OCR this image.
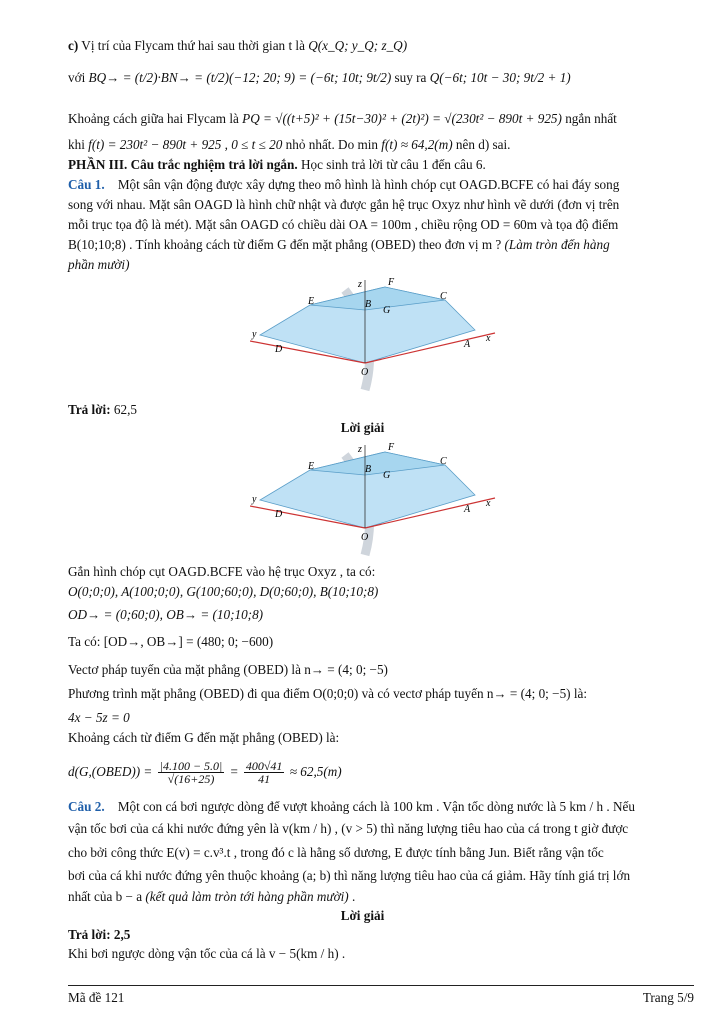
c) Vị trí của Flycam thứ hai sau thời gian t là Q(x_Q; y_Q; z_Q)
với BQ→ = (t/2)·BN→ = (t/2)(−12; 20; 9) = (−6t; 10t; 9t/2) suy ra Q(−6t; 10t − 30; 9t/2 + 1)
Khoảng cách giữa hai Flycam là PQ = √((t+5)² + (15t−30)² + (2t)²) = √(230t² − 890t + 925) ngắn nhất
khi f(t) = 230t² − 890t + 925 , 0 ≤ t ≤ 20 nhỏ nhất. Do min f(t) ≈ 64,2(m) nên d) sai.
PHẦN III. Câu trắc nghiệm trả lời ngắn. Học sinh trả lời từ câu 1 đến câu 6.
Câu 1. Một sân vận động được xây dựng theo mô hình là hình chóp cụt OAGD.BCFE có hai đáy song
song với nhau. Mặt sân OAGD là hình chữ nhật và được gắn hệ trục Oxyz như hình vẽ dưới (đơn vị trên
mỗi trục tọa độ là mét). Mặt sân OAGD có chiều dài OA = 100m , chiều rộng OD = 60m và tọa độ điểm
B(10;10;8) . Tính khoảng cách từ điểm G đến mặt phẳng (OBED) theo đơn vị m ? (Làm tròn đến hàng
phần mười)
E
F
B
G
C
D	A
O
x
y
z
Trả lời: 62,5
Lời giải
E
F
B
G
C
D	A
O
x
y
z
Gắn hình chóp cụt OAGD.BCFE vào hệ trục Oxyz , ta có:
O(0;0;0), A(100;0;0), G(100;60;0), D(0;60;0), B(10;10;8)
OD→ = (0;60;0), OB→ = (10;10;8)
Ta có: [OD→, OB→] = (480; 0; −600)
Vectơ pháp tuyến của mặt phẳng (OBED) là n→ = (4; 0; −5)
Phương trình mặt phẳng (OBED) đi qua điểm O(0;0;0) và có vectơ pháp tuyến n→ = (4; 0; −5) là:
4x − 5z = 0
Khoảng cách từ điểm G đến mặt phẳng (OBED) là:
d(G,(OBED)) = $\frac{|4.100 - 5.0|}{√(16+25)} = \frac{400√41}{41} \approx 62,5(m)$
Câu 2. Một con cá bơi ngược dòng để vượt khoảng cách là 100 km . Vận tốc dòng nước là 5 km / h . Nếu
vận tốc bơi của cá khi nước đứng yên là v(km / h) , (v > 5) thì năng lượng tiêu hao của cá trong t giờ được
cho bởi công thức E(v) = c.v³.t , trong đó c là hằng số dương, E được tính bằng Jun. Biết rằng vận tốc
bơi của cá khi nước đứng yên thuộc khoảng (a; b) thì năng lượng tiêu hao của cá giảm. Hãy tính giá trị lớn
nhất của b − a (kết quả làm tròn tới hàng phần mười) .
Lời giải
Trả lời: 2,5
Khi bơi ngược dòng vận tốc của cá là v − 5(km / h) .
Mã đề 121	Trang 5/9
